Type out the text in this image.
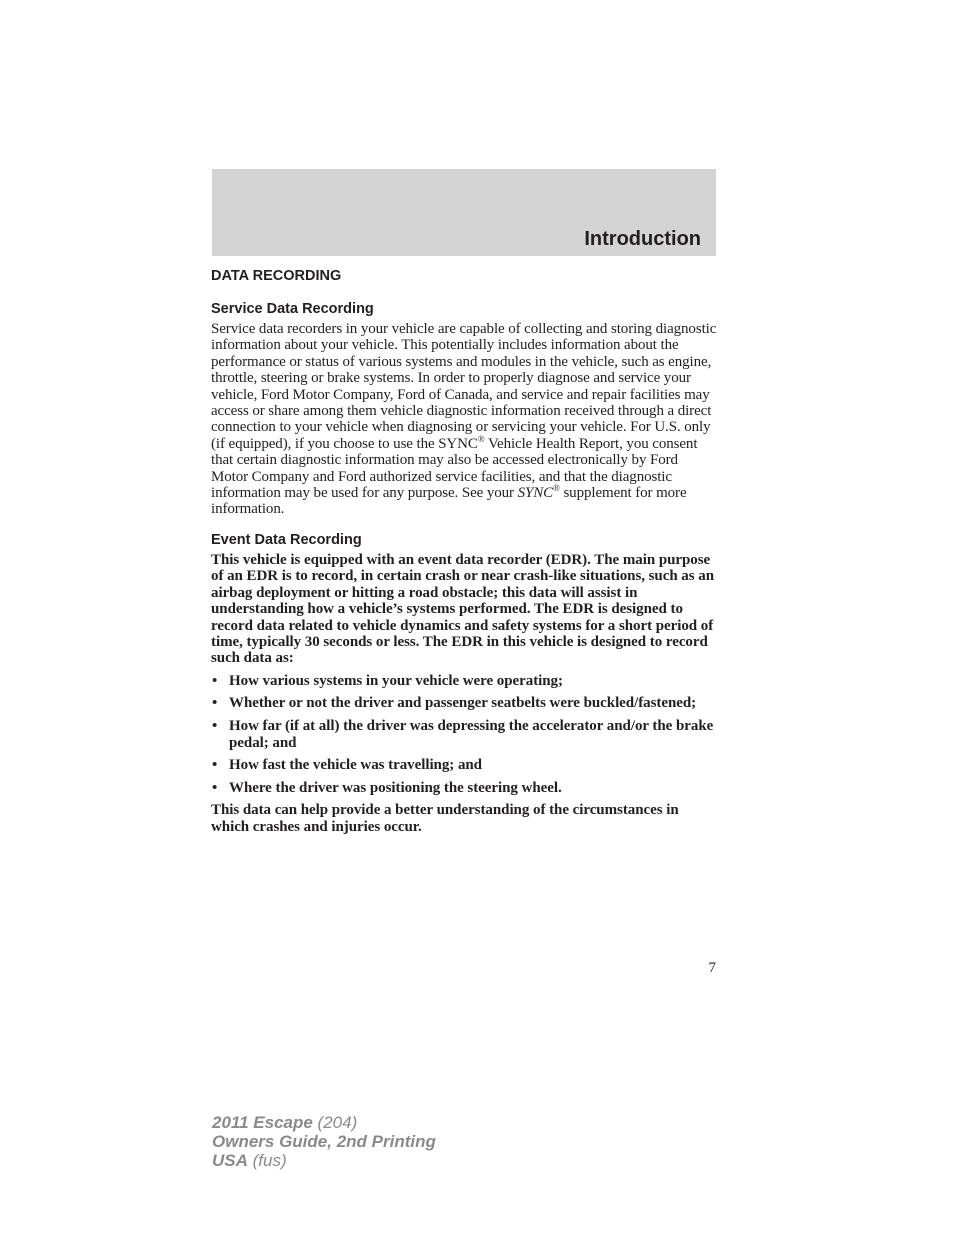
Introduction
DATA RECORDING
Service Data Recording

Service data recorders in your vehicle are capable of collecting and storing diagnostic information about your vehicle. This potentially includes information about the performance or status of various systems and modules in the vehicle, such as engine, throttle, steering or brake systems. In order to properly diagnose and service your vehicle, Ford Motor Company, Ford of Canada, and service and repair facilities may access or share among them vehicle diagnostic information received through a direct connection to your vehicle when diagnosing or servicing your vehicle. For U.S. only (if equipped), if you choose to use the SYNC® Vehicle Health Report, you consent that certain diagnostic information may also be accessed electronically by Ford Motor Company and Ford authorized service facilities, and that the diagnostic information may be used for any purpose. See your SYNC® supplement for more information.

Event Data Recording

This vehicle is equipped with an event data recorder (EDR). The main purpose of an EDR is to record, in certain crash or near crash-like situations, such as an airbag deployment or hitting a road obstacle; this data will assist in understanding how a vehicle’s systems performed. The EDR is designed to record data related to vehicle dynamics and safety systems for a short period of time, typically 30 seconds or less. The EDR in this vehicle is designed to record such data as:

• How various systems in your vehicle were operating;
• Whether or not the driver and passenger seatbelts were buckled/fastened;
• How far (if at all) the driver was depressing the accelerator and/or the brake pedal; and
• How fast the vehicle was travelling; and
• Where the driver was positioning the steering wheel.

This data can help provide a better understanding of the circumstances in which crashes and injuries occur.

7
2011 Escape (204)
Owners Guide, 2nd Printing
USA (fus)
